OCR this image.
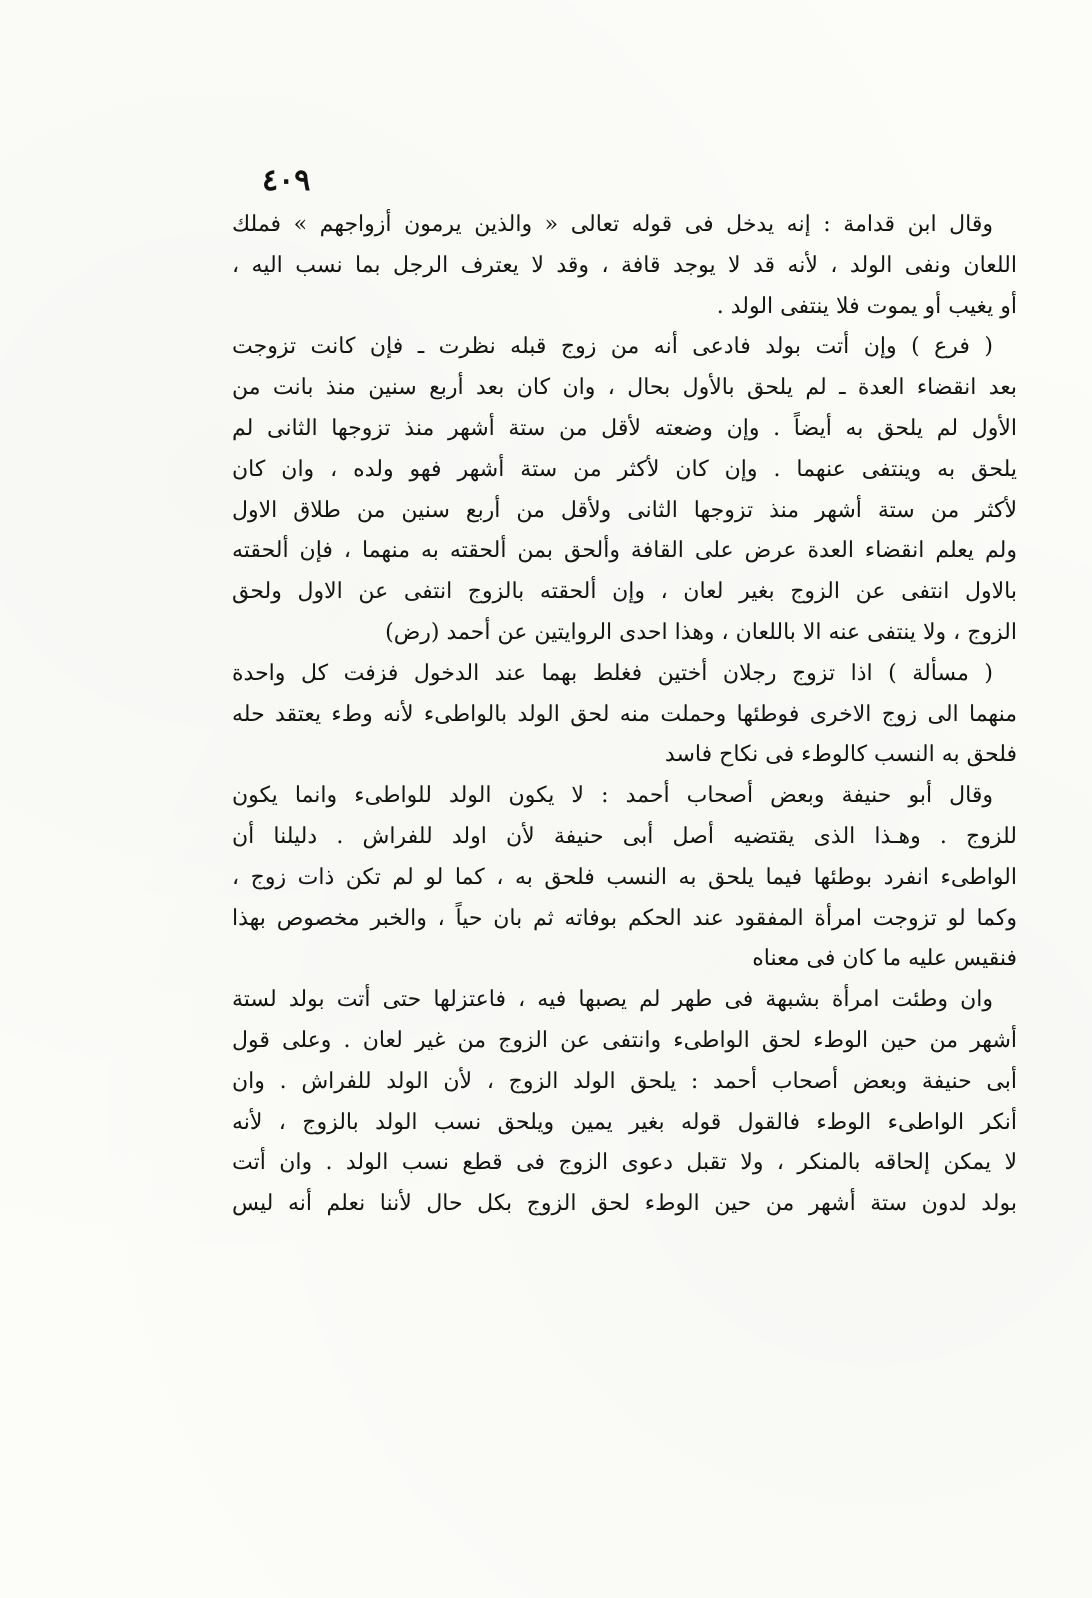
٤٠٩
وقال ابن قدامة : إنه يدخل فى قوله تعالى « والذين يرمون أزواجهم » فملك
اللعان ونفى الولد ، لأنه قد لا يوجد قافة ، وقد لا يعترف الرجل بما نسب اليه ،
أو يغيب أو يموت فلا ينتفى الولد .
( فرع ) وإن أتت بولد فادعى أنه من زوج قبله نظرت ـ فإن كانت تزوجت
بعد انقضاء العدة ـ لم يلحق بالأول بحال ، وان كان بعد أربع سنين منذ بانت من
الأول لم يلحق به أيضاً . وإن وضعته لأقل من ستة أشهر منذ تزوجها الثانى لم
يلحق به وينتفى عنهما . وإن كان لأكثر من ستة أشهر فهو ولده ، وان كان
لأكثر من ستة أشهر منذ تزوجها الثانى ولأقل من أربع سنين من طلاق الاول
ولم يعلم انقضاء العدة عرض على القافة وألحق بمن ألحقته به منهما ، فإن ألحقته
بالاول انتفى عن الزوج بغير لعان ، وإن ألحقته بالزوج انتفى عن الاول ولحق
الزوج ، ولا ينتفى عنه الا باللعان ، وهذا احدى الروايتين عن أحمد (رض)
( مسألة ) اذا تزوج رجلان أختين فغلط بهما عند الدخول فزفت كل واحدة
منهما الى زوج الاخرى فوطئها وحملت منه لحق الولد بالواطىء لأنه وطء يعتقد حله
فلحق به النسب كالوطء فى نكاح فاسد
وقال أبو حنيفة وبعض أصحاب أحمد : لا يكون الولد للواطىء وانما يكون
للزوج . وهـذا الذى يقتضيه أصل أبى حنيفة لأن اولد للفراش . دليلنا أن
الواطىء انفرد بوطئها فيما يلحق به النسب فلحق به ، كما لو لم تكن ذات زوج ،
وكما لو تزوجت امرأة المفقود عند الحكم بوفاته ثم بان حياً ، والخبر مخصوص بهذا
فنقيس عليه ما كان فى معناه
وان وطئت امرأة بشبهة فى طهر لم يصبها فيه ، فاعتزلها حتى أتت بولد لستة
أشهر من حين الوطء لحق الواطىء وانتفى عن الزوج من غير لعان . وعلى قول
أبى حنيفة وبعض أصحاب أحمد : يلحق الولد الزوج ، لأن الولد للفراش . وان
أنكر الواطىء الوطء فالقول قوله بغير يمين ويلحق نسب الولد بالزوج ، لأنه
لا يمكن إلحاقه بالمنكر ، ولا تقبل دعوى الزوج فى قطع نسب الولد . وان أتت
بولد لدون ستة أشهر من حين الوطء لحق الزوج بكل حال لأننا نعلم أنه ليس
